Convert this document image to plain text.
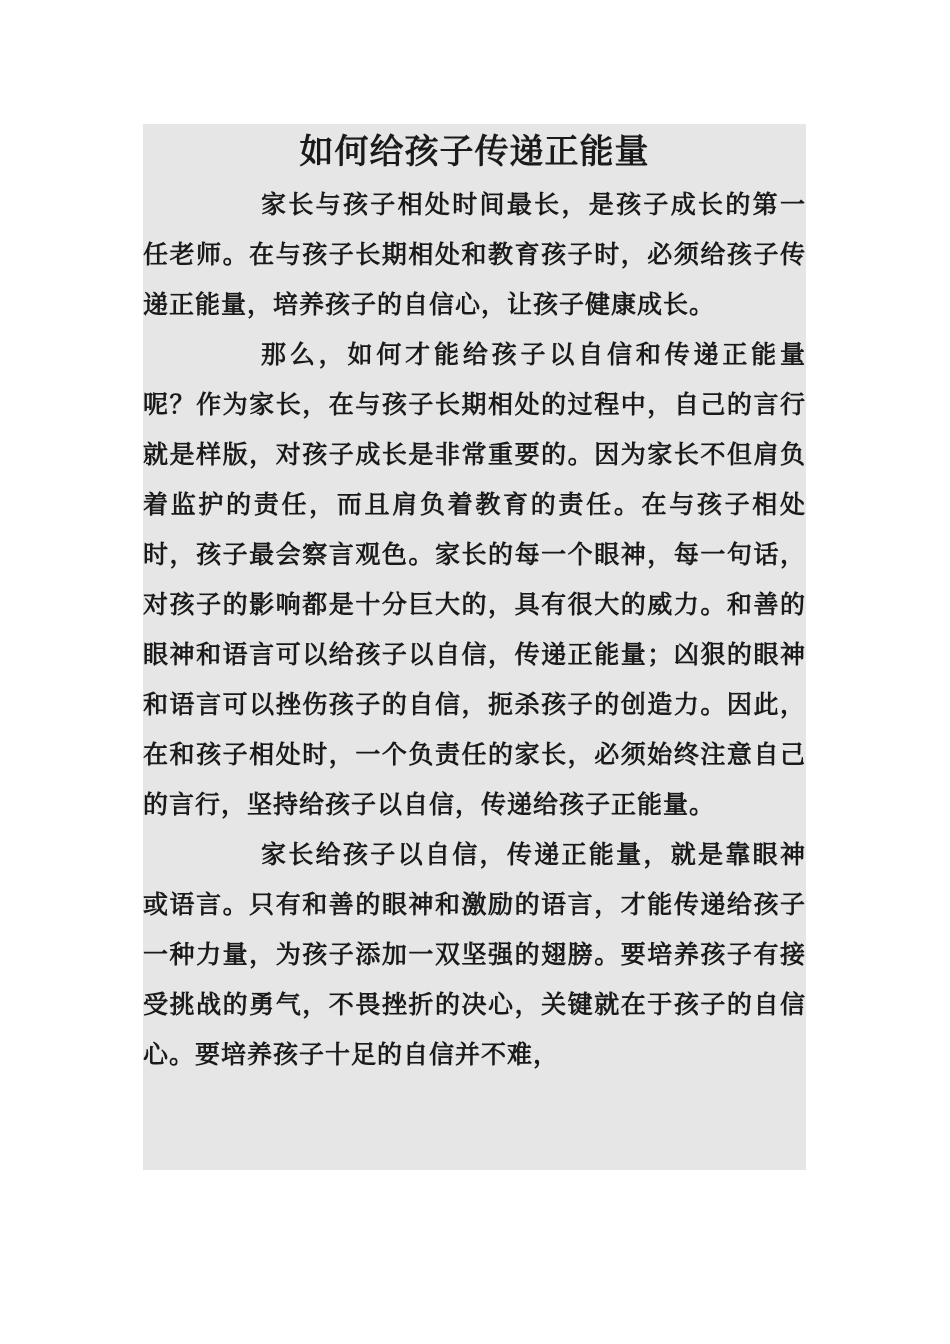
如何给孩子传递正能量

家长与孩子相处时间最长，是孩子成长的第一任老师。在与孩子长期相处和教育孩子时，必须给孩子传递正能量，培养孩子的自信心，让孩子健康成长。

那么，如何才能给孩子以自信和传递正能量呢？作为家长，在与孩子长期相处的过程中，自己的言行就是样版，对孩子成长是非常重要的。因为家长不但肩负着监护的责任，而且肩负着教育的责任。在与孩子相处时，孩子最会察言观色。家长的每一个眼神，每一句话，对孩子的影响都是十分巨大的，具有很大的威力。和善的眼神和语言可以给孩子以自信，传递正能量；凶狠的眼神和语言可以挫伤孩子的自信，扼杀孩子的创造力。因此，在和孩子相处时，一个负责任的家长，必须始终注意自己的言行，坚持给孩子以自信，传递给孩子正能量。

家长给孩子以自信，传递正能量，就是靠眼神或语言。只有和善的眼神和激励的语言，才能传递给孩子一种力量，为孩子添加一双坚强的翅膀。要培养孩子有接受挑战的勇气，不畏挫折的决心，关键就在于孩子的自信心。要培养孩子十足的自信并不难，
